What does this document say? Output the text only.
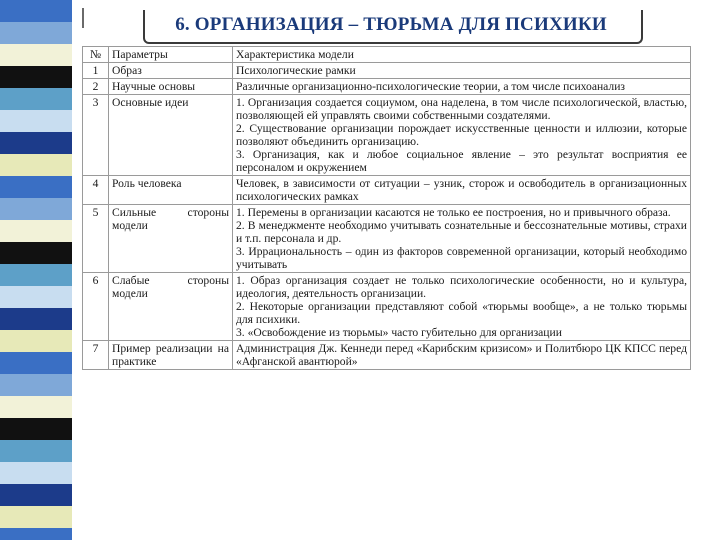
6. ОРГАНИЗАЦИЯ – ТЮРЬМА ДЛЯ ПСИХИКИ
№	Параметры	Характеристика модели
1	Образ	Психологические рамки

2	Научные основы	Различные организационно-психологические теории, а том числе психоанализ

3	Основные идеи	1. Организация создается социумом, она наделена, в том числе психологической, властью, позволяющей ей управлять своими собственными создателями.
2. Существование организации порождает искусственные ценности и иллюзии, которые позволяют объединить организацию.
3. Организация, как и любое социальное явление – это результат восприятия ее персоналом и окружением

4	Роль человека	Человек, в зависимости от ситуации – узник, сторож и освободитель в организационных психологических рамках

5	Сильные стороны модели	1. Перемены в организации касаются не только ее построения, но и привычного образа.
2. В менеджменте необходимо учитывать сознательные и бессознательные мотивы, страхи и т.п. персонала и др.
3. Иррациональность – один из факторов современной организации, который необходимо учитывать

6	Слабые стороны модели	1. Образ организация создает не только психологические особенности, но и культура, идеология, деятельность организации.
2. Некоторые организации представляют собой «тюрьмы вообще», а не только тюрьмы для психики.
3. «Освобождение из тюрьмы» часто губительно для организации

7	Пример реализации на практике	Администрация Дж. Кеннеди перед «Карибским кризисом» и Политбюро ЦК КПСС перед «Афганской авантюрой»
